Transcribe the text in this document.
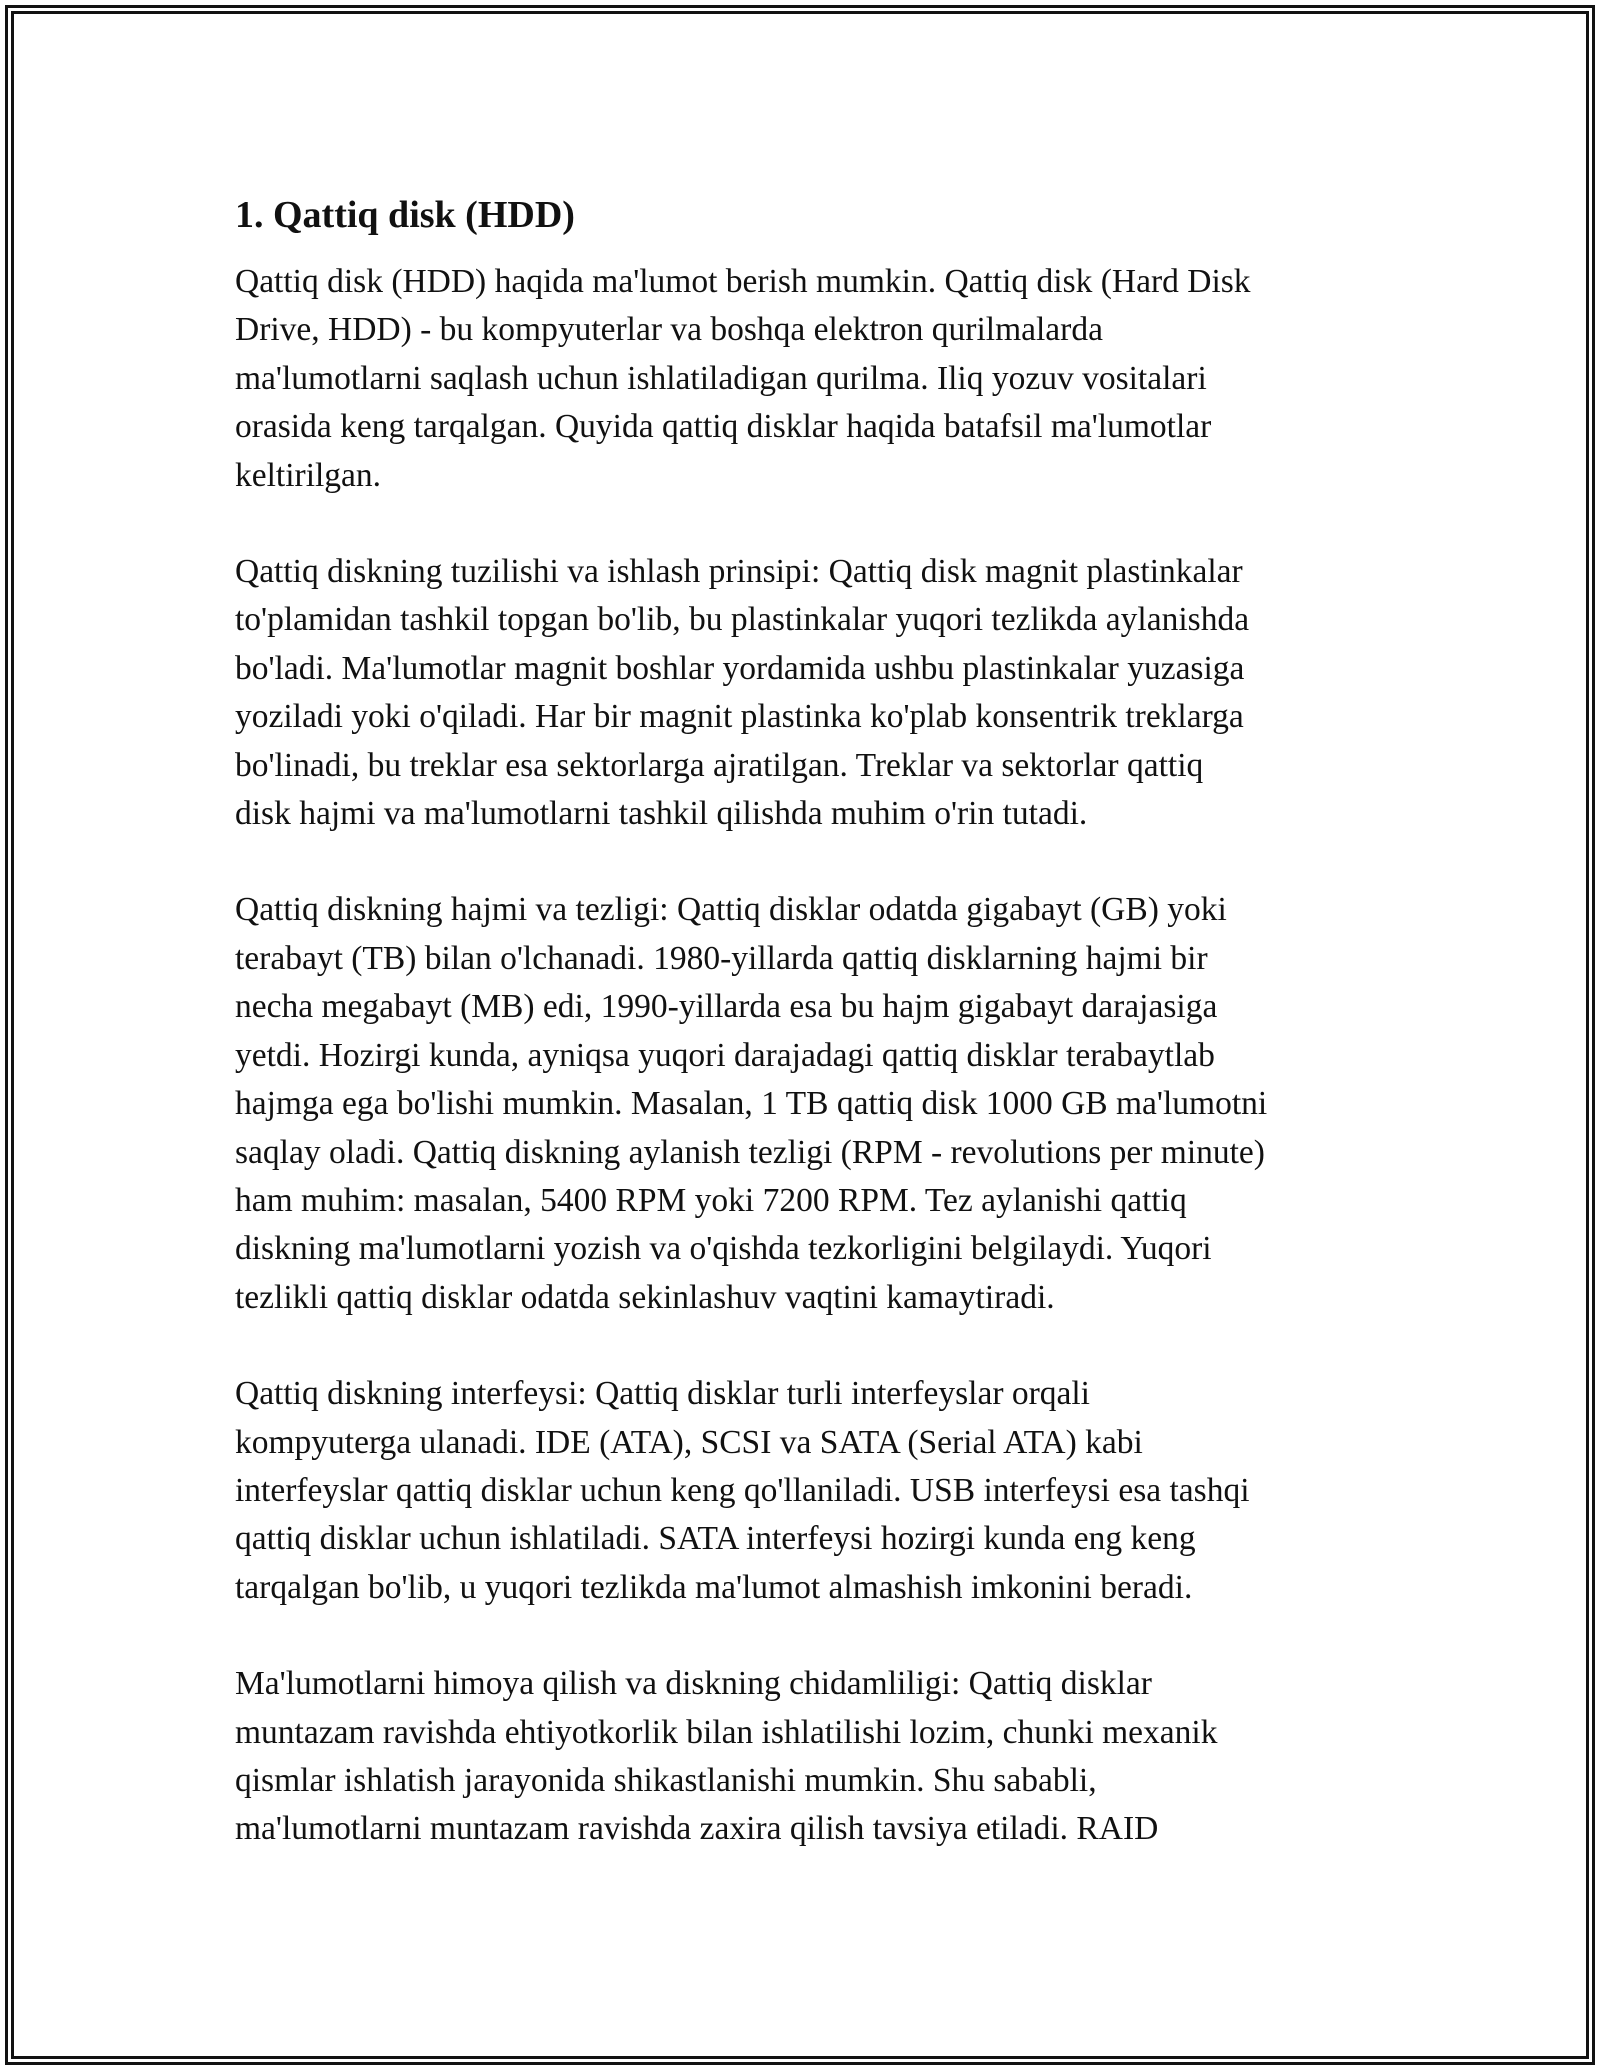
1. Qattiq disk (HDD)

Qattiq disk (HDD) haqida ma'lumot berish mumkin. Qattiq disk (Hard Disk
Drive, HDD) - bu kompyuterlar va boshqa elektron qurilmalarda
ma'lumotlarni saqlash uchun ishlatiladigan qurilma. Iliq yozuv vositalari
orasida keng tarqalgan. Quyida qattiq disklar haqida batafsil ma'lumotlar
keltirilgan.

Qattiq diskning tuzilishi va ishlash prinsipi: Qattiq disk magnit plastinkalar
to'plamidan tashkil topgan bo'lib, bu plastinkalar yuqori tezlikda aylanishda
bo'ladi. Ma'lumotlar magnit boshlar yordamida ushbu plastinkalar yuzasiga
yoziladi yoki o'qiladi. Har bir magnit plastinka ko'plab konsentrik treklarga
bo'linadi, bu treklar esa sektorlarga ajratilgan. Treklar va sektorlar qattiq
disk hajmi va ma'lumotlarni tashkil qilishda muhim o'rin tutadi.

Qattiq diskning hajmi va tezligi: Qattiq disklar odatda gigabayt (GB) yoki
terabayt (TB) bilan o'lchanadi. 1980-yillarda qattiq disklarning hajmi bir
necha megabayt (MB) edi, 1990-yillarda esa bu hajm gigabayt darajasiga
yetdi. Hozirgi kunda, ayniqsa yuqori darajadagi qattiq disklar terabaytlab
hajmga ega bo'lishi mumkin. Masalan, 1 TB qattiq disk 1000 GB ma'lumotni
saqlay oladi. Qattiq diskning aylanish tezligi (RPM - revolutions per minute)
ham muhim: masalan, 5400 RPM yoki 7200 RPM. Tez aylanishi qattiq
diskning ma'lumotlarni yozish va o'qishda tezkorligini belgilaydi. Yuqori
tezlikli qattiq disklar odatda sekinlashuv vaqtini kamaytiradi.

Qattiq diskning interfeysi: Qattiq disklar turli interfeyslar orqali
kompyuterga ulanadi. IDE (ATA), SCSI va SATA (Serial ATA) kabi
interfeyslar qattiq disklar uchun keng qo'llaniladi. USB interfeysi esa tashqi
qattiq disklar uchun ishlatiladi. SATA interfeysi hozirgi kunda eng keng
tarqalgan bo'lib, u yuqori tezlikda ma'lumot almashish imkonini beradi.

Ma'lumotlarni himoya qilish va diskning chidamliligi: Qattiq disklar
muntazam ravishda ehtiyotkorlik bilan ishlatilishi lozim, chunki mexanik
qismlar ishlatish jarayonida shikastlanishi mumkin. Shu sababli,
ma'lumotlarni muntazam ravishda zaxira qilish tavsiya etiladi. RAID
